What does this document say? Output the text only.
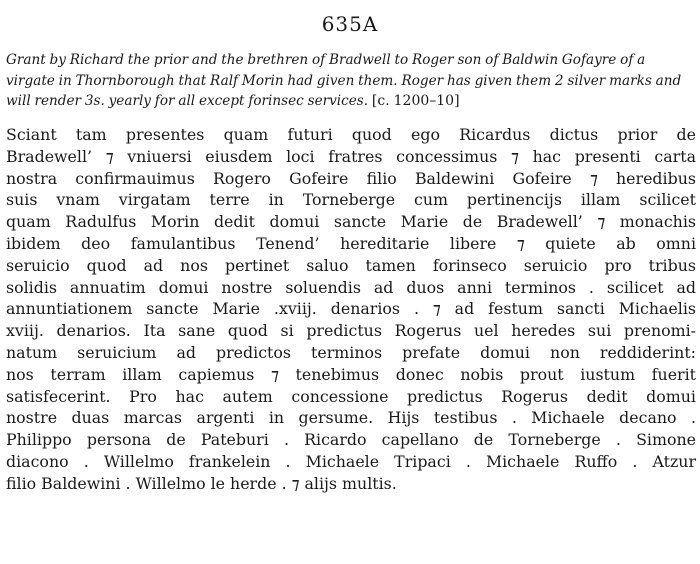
635A

Grant by Richard the prior and the brethren of Bradwell to Roger son of Baldwin Gofayre of a virgate in Thornborough that Ralf Morin had given them. Roger has given them 2 silver marks and will render 3s. yearly for all except forinsec services. [c. 1200–10]

Sciant tam presentes quam futuri quod ego Ricardus dictus prior de
Bradewell’ ⁊ vniuersi eiusdem loci fratres concessimus ⁊ hac presenti carta
nostra confirmauimus Rogero Gofeire filio Baldewini Gofeire ⁊ heredibus
suis vnam virgatam terre in Torneberge cum pertinencijs illam scilicet
quam Radulfus Morin dedit domui sancte Marie de Bradewell’ ⁊ monachis
ibidem deo famulantibus Tenend’ hereditarie libere ⁊ quiete ab omni
seruicio quod ad nos pertinet saluo tamen forinseco seruicio pro tribus
solidis annuatim domui nostre soluendis ad duos anni terminos . scilicet ad
annuntiationem sancte Marie .xviij. denarios . ⁊ ad festum sancti Michaelis
xviij. denarios. Ita sane quod si predictus Rogerus uel heredes sui prenomi-
natum seruicium ad predictos terminos prefate domui non reddiderint:
nos terram illam capiemus ⁊ tenebimus donec nobis prout iustum fuerit
satisfecerint. Pro hac autem concessione predictus Rogerus dedit domui
nostre duas marcas argenti in gersume. Hijs testibus . Michaele decano .
Philippo persona de Pateburi . Ricardo capellano de Torneberge . Simone
diacono . Willelmo frankelein . Michaele Tripaci . Michaele Ruffo . Atzur
filio Baldewini . Willelmo le herde . ⁊ alijs multis.
